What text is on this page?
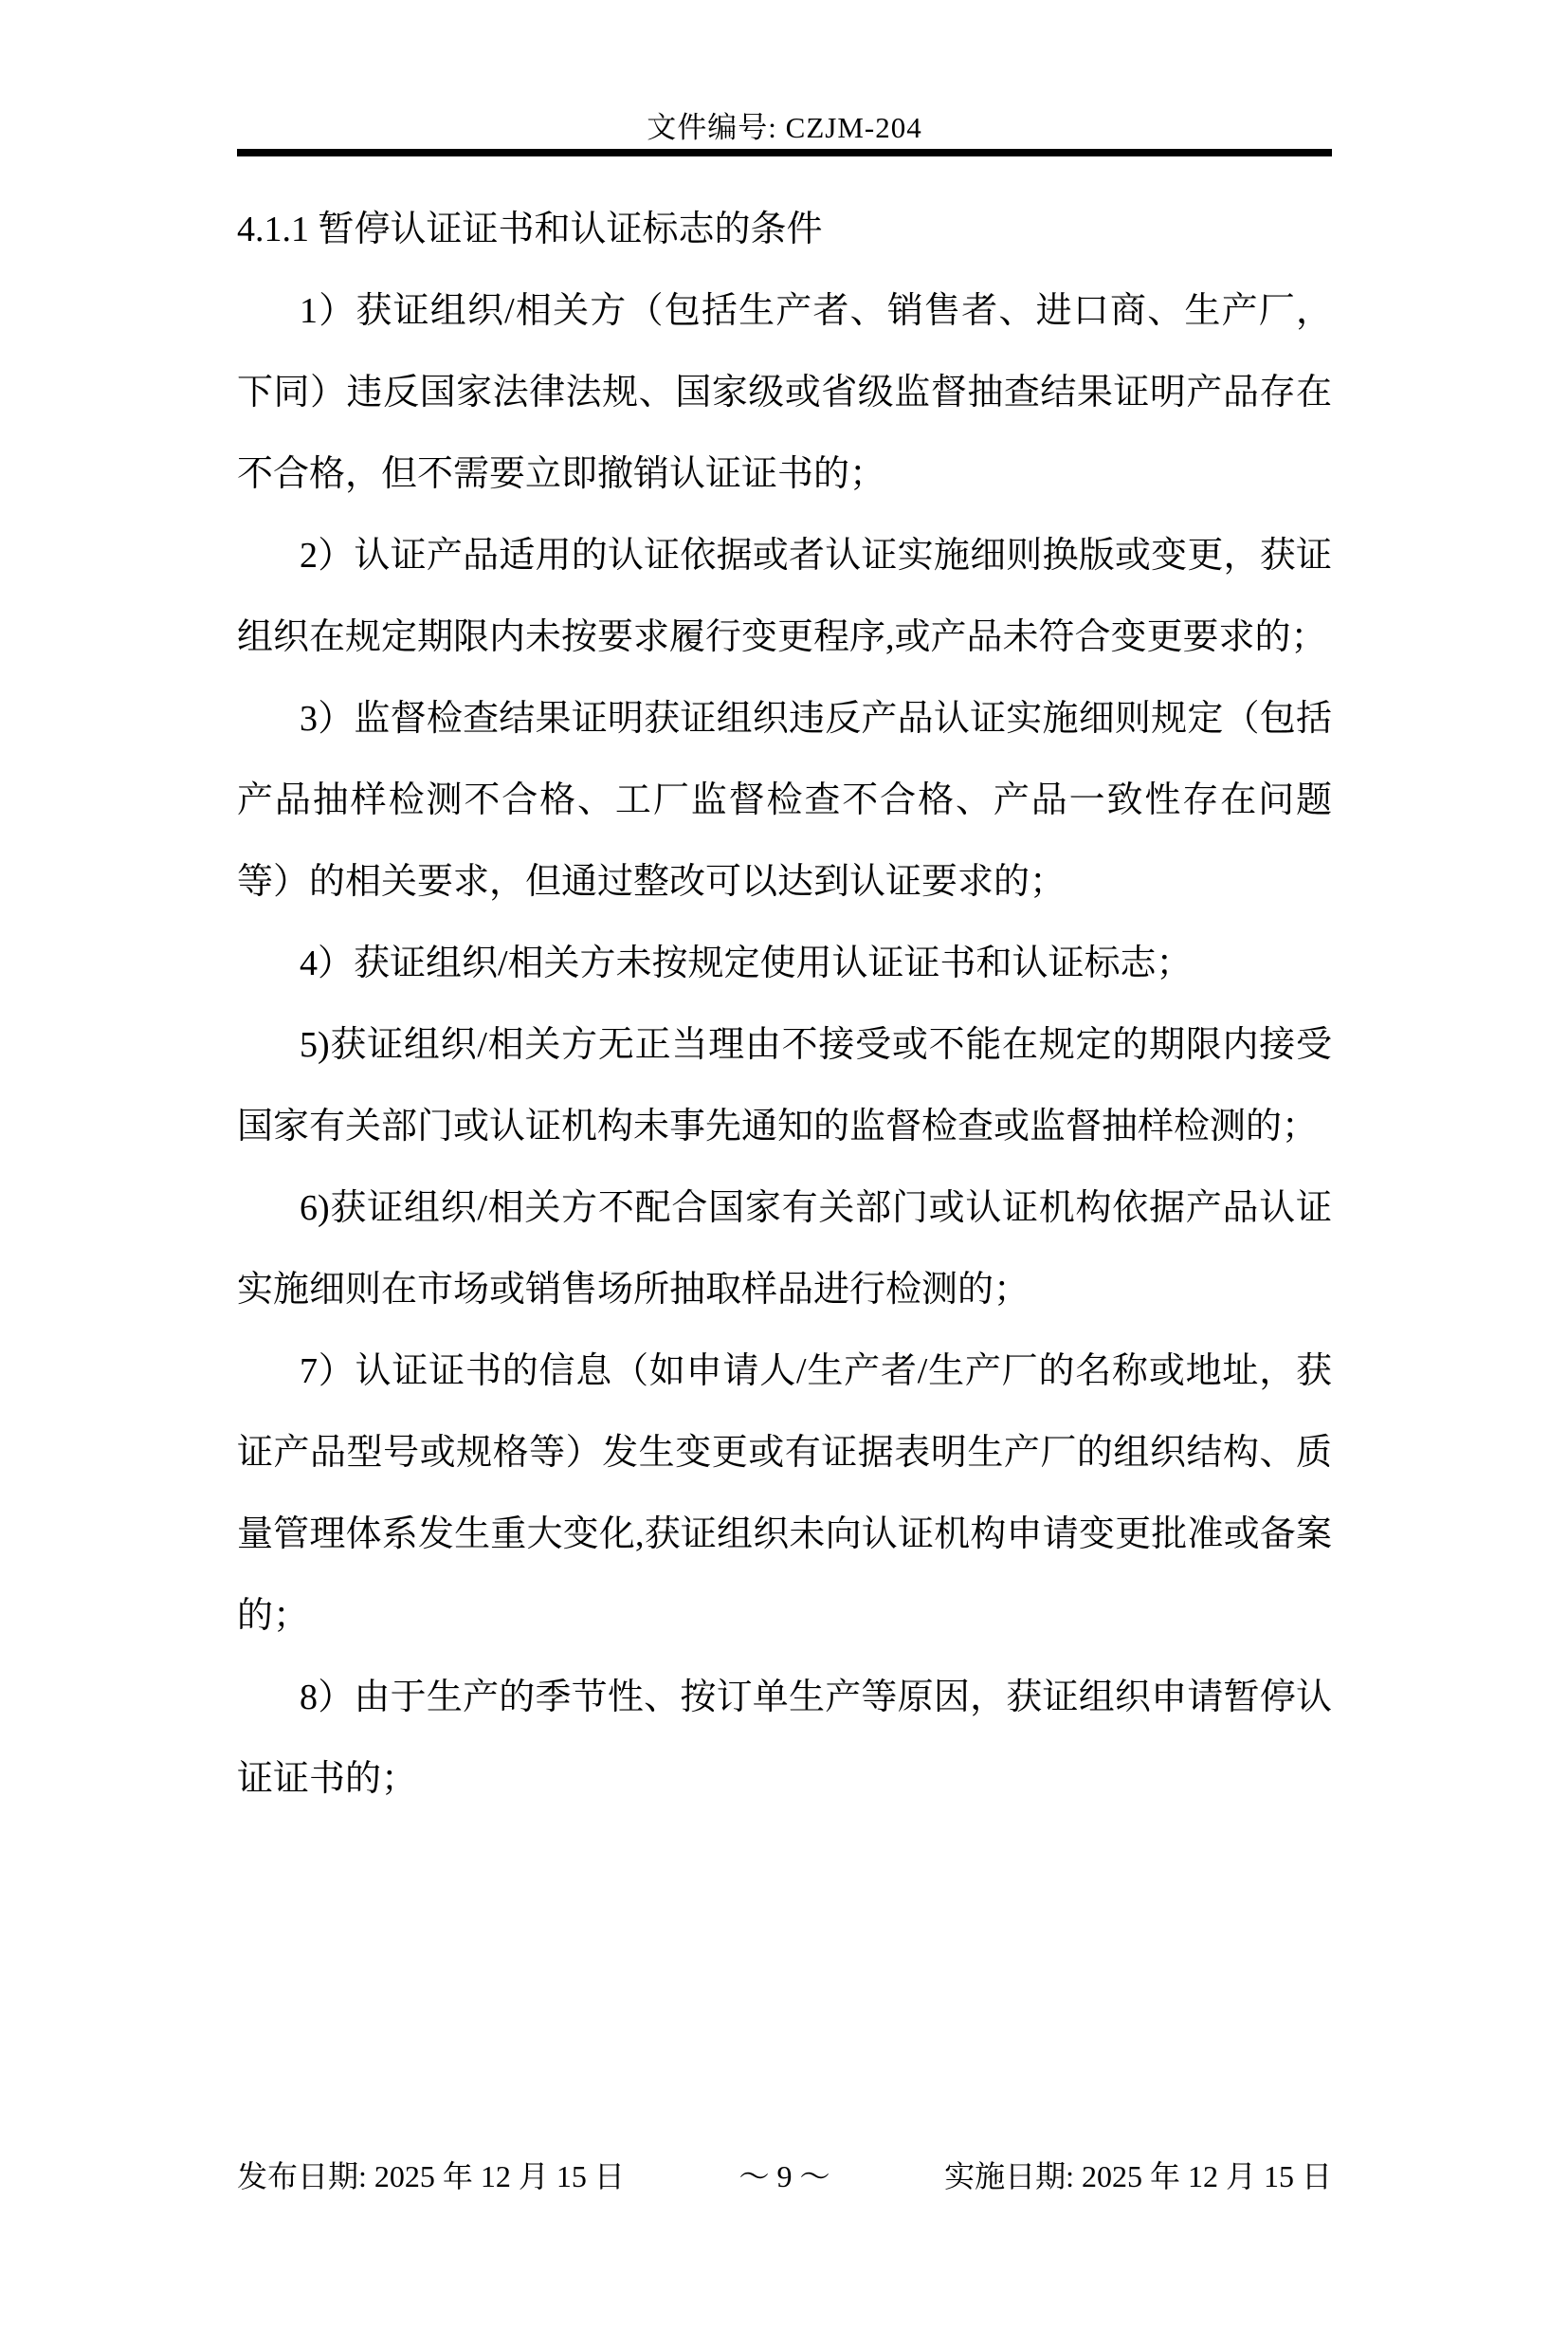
文件编号: CZJM-204

4.1.1 暂停认证证书和认证标志的条件

1）获证组织/相关方（包括生产者、销售者、进口商、生产厂，下同）违反国家法律法规、国家级或省级监督抽查结果证明产品存在不合格，但不需要立即撤销认证证书的；

2）认证产品适用的认证依据或者认证实施细则换版或变更，获证组织在规定期限内未按要求履行变更程序,或产品未符合变更要求的；

3）监督检查结果证明获证组织违反产品认证实施细则规定（包括产品抽样检测不合格、工厂监督检查不合格、产品一致性存在问题等）的相关要求，但通过整改可以达到认证要求的；

4）获证组织/相关方未按规定使用认证证书和认证标志；

5)获证组织/相关方无正当理由不接受或不能在规定的期限内接受国家有关部门或认证机构未事先通知的监督检查或监督抽样检测的；

6)获证组织/相关方不配合国家有关部门或认证机构依据产品认证实施细则在市场或销售场所抽取样品进行检测的；

7）认证证书的信息（如申请人/生产者/生产厂的名称或地址，获证产品型号或规格等）发生变更或有证据表明生产厂的组织结构、质量管理体系发生重大变化,获证组织未向认证机构申请变更批准或备案的；

8）由于生产的季节性、按订单生产等原因，获证组织申请暂停认证证书的；

发布日期: 2025 年 12 月 15 日	～ 9 ～	实施日期: 2025 年 12 月 15 日
